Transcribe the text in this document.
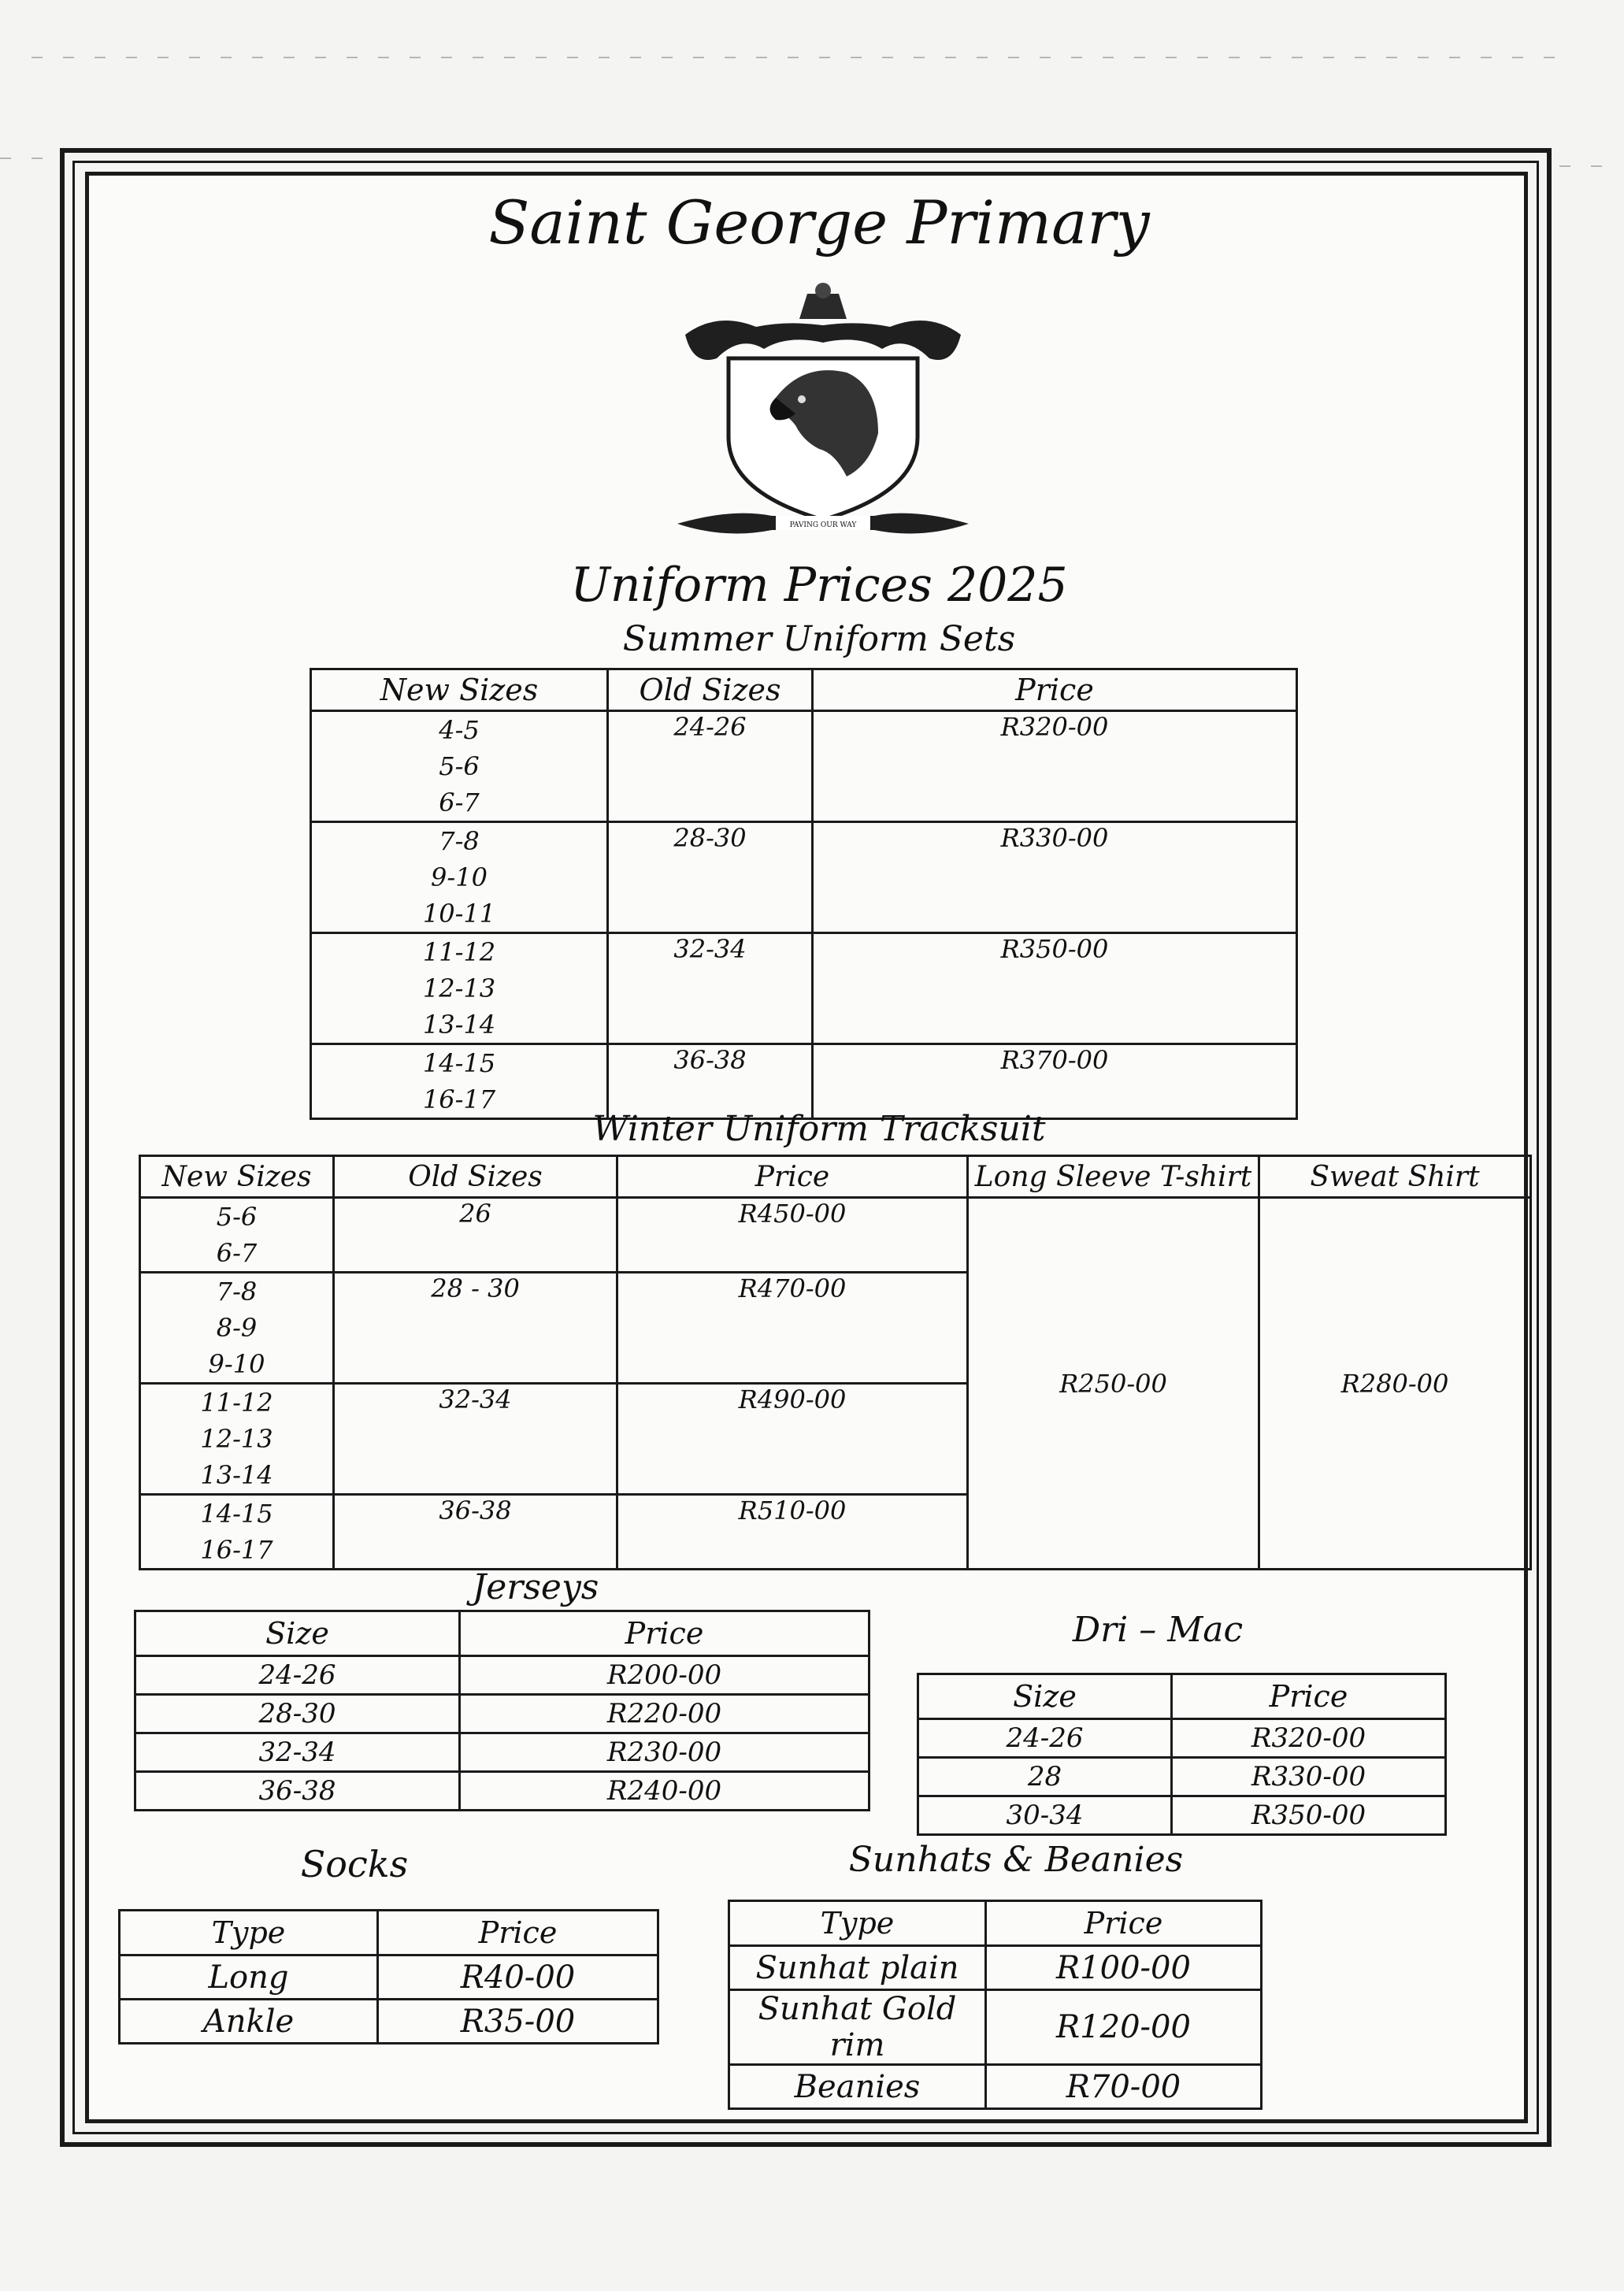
Saint George Primary
PAVING OUR WAY
Uniform Prices 2025
Summer Uniform Sets
New Sizes	Old Sizes	Price
4-5
5-6
6-7	24-26	R320-00
7-8
9-10
10-11	28-30	R330-00
11-12
12-13
13-14	32-34	R350-00
14-15
16-17	36-38	R370-00
Winter Uniform Tracksuit
New Sizes	Old Sizes	Price	Long Sleeve T-shirt	Sweat Shirt
5-6
6-7	26	R450-00	R250-00	R280-00
7-8
8-9
9-10	28 - 30	R470-00		
11-12
12-13
13-14	32-34	R490-00		
14-15
16-17	36-38	R510-00		
Jerseys
Size	Price
24-26	R200-00
28-30	R220-00
32-34	R230-00
36-38	R240-00
Dri – Mac
Size	Price
24-26	R320-00
28	R330-00
30-34	R350-00
Socks
Type	Price
Long	R40-00
Ankle	R35-00
Sunhats & Beanies
Type	Price
Sunhat plain	R100-00
Sunhat Gold rim	R120-00
Beanies	R70-00
